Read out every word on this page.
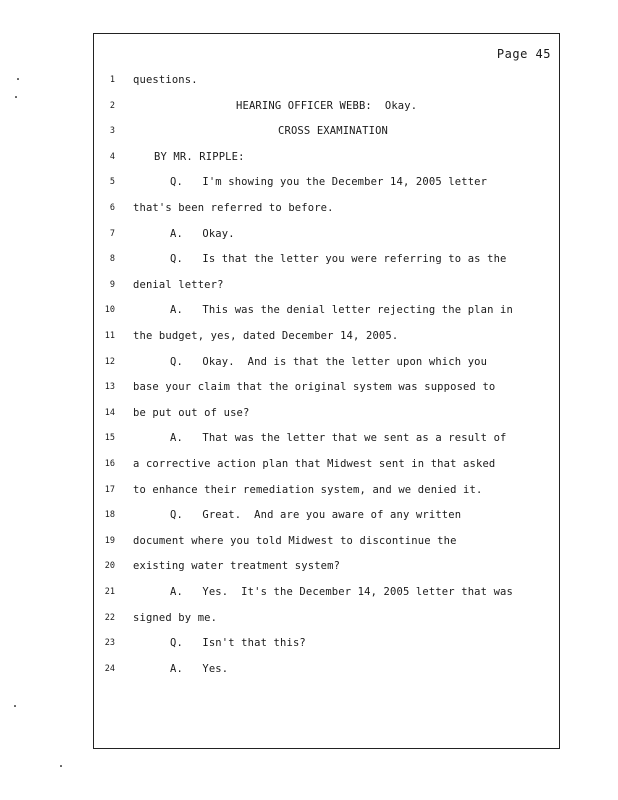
Page 45
1 questions.
2	HEARING OFFICER WEBB:  Okay.
3	CROSS EXAMINATION
4	BY MR. RIPPLE:
5	Q.   I'm showing you the December 14, 2005 letter
6 that's been referred to before.
7	A.   Okay.
8	Q.   Is that the letter you were referring to as the
9 denial letter?
10	A.   This was the denial letter rejecting the plan in
11 the budget, yes, dated December 14, 2005.
12	Q.   Okay.  And is that the letter upon which you
13 base your claim that the original system was supposed to
14 be put out of use?
15	A.   That was the letter that we sent as a result of
16 a corrective action plan that Midwest sent in that asked
17 to enhance their remediation system, and we denied it.
18	Q.   Great.  And are you aware of any written
19 document where you told Midwest to discontinue the
20 existing water treatment system?
21	A.   Yes.  It's the December 14, 2005 letter that was
22 signed by me.
23	Q.   Isn't that this?
24	A.   Yes.
